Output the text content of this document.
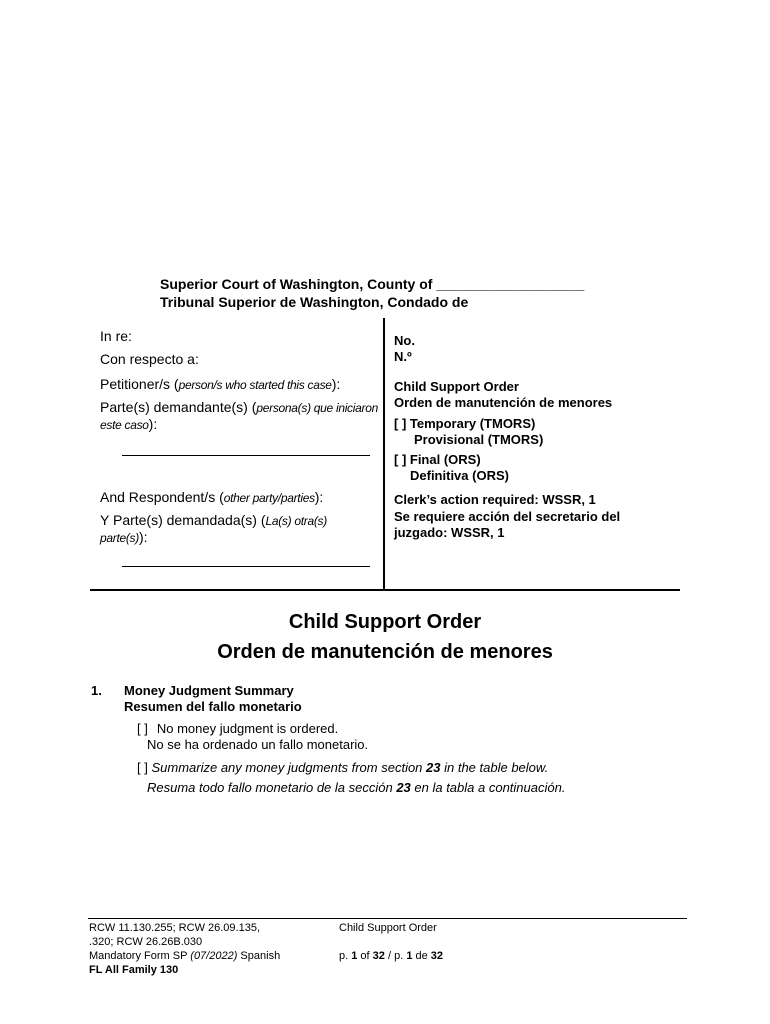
Superior Court of Washington, County of ___________________
Tribunal Superior de Washington, Condado de
In re:
Con respecto a:
Petitioner/s (person/s who started this case):
Parte(s) demandante(s) (persona(s) que iniciaron
este caso):
And Respondent/s (other party/parties):
Y Parte(s) demandada(s) (La(s) otra(s)
parte(s)):
No.
N.º
Child Support Order
Orden de manutención de menores
[ ] Temporary (TMORS)
Provisional (TMORS)
[ ] Final (ORS)
Definitiva (ORS)
Clerk’s action required: WSSR, 1
Se requiere acción del secretario del
juzgado: WSSR, 1
Child Support Order
Orden de manutención de menores
1. Money Judgment Summary
Resumen del fallo monetario
[ ] No money judgment is ordered.
No se ha ordenado un fallo monetario.
[ ] Summarize any money judgments from section 23 in the table below.
Resuma todo fallo monetario de la sección 23 en la tabla a continuación.
RCW 11.130.255; RCW 26.09.135,
.320; RCW 26.26B.030
Mandatory Form SP (07/2022) Spanish
FL All Family 130
Child Support Order
p. 1 of 32 / p. 1 de 32
